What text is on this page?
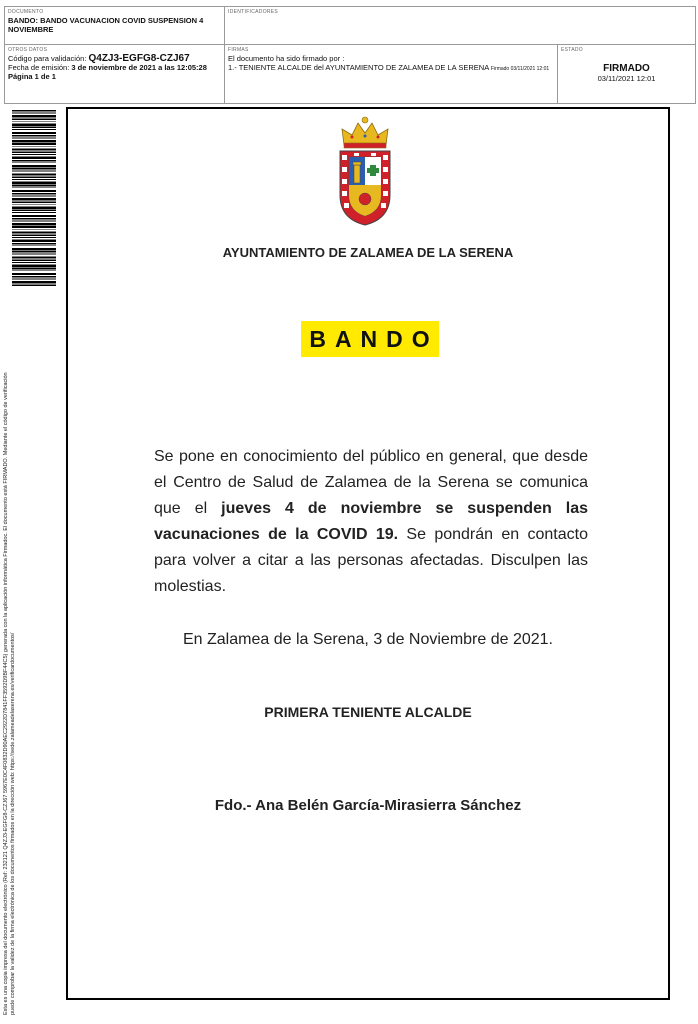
DOCUMENTO
BANDO: BANDO VACUNACION COVID SUSPENSION 4 NOVIEMBRE
IDENTIFICADORES
OTROS DATOS
Código para validación: Q4ZJ3-EGFG8-CZJ67
Fecha de emisión: 3 de noviembre de 2021 a las 12:05:28
Página 1 de 1
FIRMAS
El documento ha sido firmado por :
1.- TENIENTE ALCALDE del AYUNTAMIENTO DE ZALAMEA DE LA SERENA Firmado 03/11/2021 12:01
ESTADO
FIRMADO
03/11/2021 12:01
Esta es una copia impresa del documento electrónico (Ref: 232121 Q4ZJ3-EGFG8-CZJ67 5967E0C4F0832D90AEC2922D7841FF3592D9BF44C5) generada con la aplicación informática Firmadoc. El documento está FIRMADO. Mediante el código de verificación puede comprobar la validez de la firma electrónica de los documentos firmados en la dirección web: https://sede.zalameadelaserena.es/verificardocumentos/
AYUNTAMIENTO DE ZALAMEA DE LA SERENA
BANDO

Se pone en conocimiento del público en general, que desde el Centro de Salud de Zalamea de la Serena se comunica que el jueves 4 de noviembre se suspenden las vacunaciones de la COVID 19. Se pondrán en contacto para volver a citar a las personas afectadas. Disculpen las molestias.

En Zalamea de la Serena, 3 de Noviembre de 2021.
PRIMERA TENIENTE ALCALDE
Fdo.- Ana Belén García-Mirasierra Sánchez
